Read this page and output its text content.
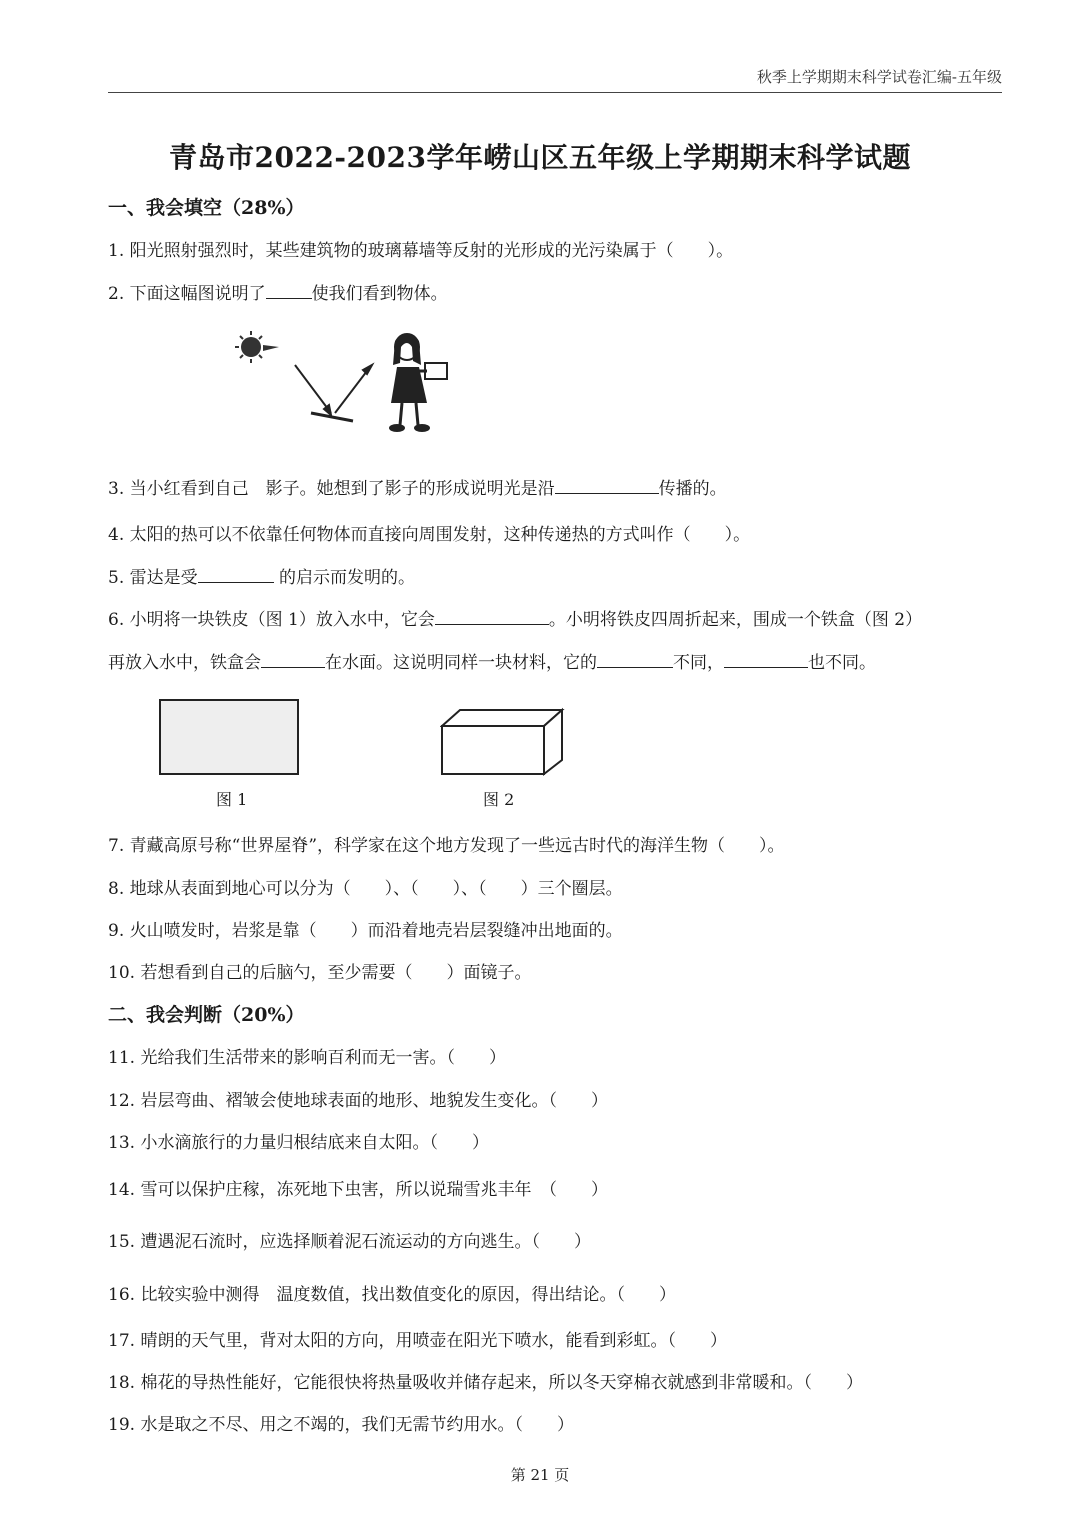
秋季上学期期末科学试卷汇编-五年级
青岛市2022-2023学年崂山区五年级上学期期末科学试题
一、我会填空（28%）
1. 阳光照射强烈时，某些建筑物的玻璃幕墙等反射的光形成的光污染属于（　　）。
2. 下面这幅图说明了	使我们看到物体。
3. 当小红看到自己　影子。她想到了影子的形成说明光是沿	传播的。
4. 太阳的热可以不依靠任何物体而直接向周围发射，这种传递热的方式叫作（　　）。
5. 雷达是受	的启示而发明的。
6. 小明将一块铁皮（图 1）放入水中，它会	。小明将铁皮四周折起来，围成一个铁盒（图 2）
再放入水中，铁盒会	在水面。这说明同样一块材料，它的	不同，	也不同。
图 1	图 2
7. 青藏高原号称“世界屋脊”，科学家在这个地方发现了一些远古时代的海洋生物（　　）。
8. 地球从表面到地心可以分为（　　）、（　　）、（　　）三个圈层。
9. 火山喷发时，岩浆是靠（　　）而沿着地壳岩层裂缝冲出地面的。
10. 若想看到自己的后脑勺，至少需要（　　）面镜子。
二、我会判断（20%）
11. 光给我们生活带来的影响百利而无一害。（　　）
12. 岩层弯曲、褶皱会使地球表面的地形、地貌发生变化。（　　）
13. 小水滴旅行的力量归根结底来自太阳。（　　）
14. 雪可以保护庄稼，冻死地下虫害，所以说瑞雪兆丰年　（　　）
15. 遭遇泥石流时，应选择顺着泥石流运动的方向逃生。（　　）
16. 比较实验中测得　温度数值，找出数值变化的原因，得出结论。（　　）
17. 晴朗的天气里，背对太阳的方向，用喷壶在阳光下喷水，能看到彩虹。（　　）
18. 棉花的导热性能好，它能很快将热量吸收并储存起来，所以冬天穿棉衣就感到非常暖和。（　　）
19. 水是取之不尽、用之不竭的，我们无需节约用水。（　　）
第 21 页
